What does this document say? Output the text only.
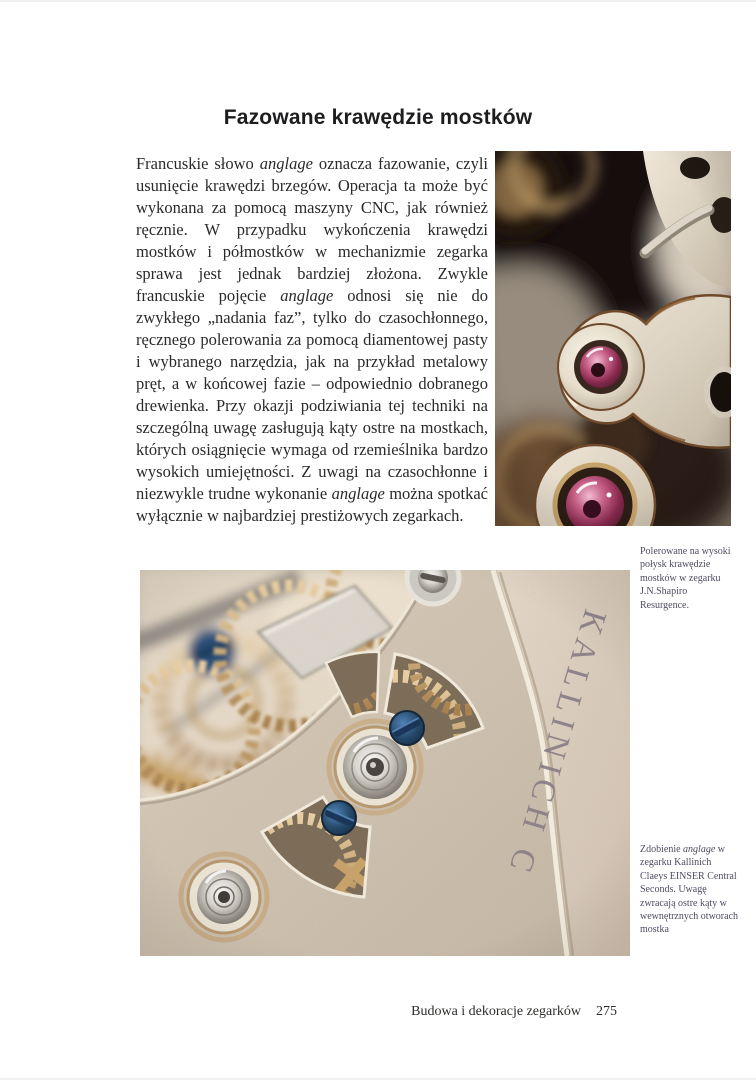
Fazowane krawędzie mostków

Francuskie słowo anglage oznacza fazowanie, czyli usunięcie krawędzi brzegów. Operacja ta może być wykonana za pomocą maszyny CNC, jak również ręcznie. W przypadku wykończenia krawędzi mostków i półmostków w mechanizmie zegarka sprawa jest jednak bardziej złożona. Zwykle francuskie pojęcie anglage odnosi się nie do zwykłego „nadania faz”, tylko do czasochłonnego, ręcznego polerowania za pomocą diamentowej pasty i wybranego narzędzia, jak na przykład metalowy pręt, a w końcowej fazie – odpowiednio dobranego drewienka. Przy okazji podziwiania tej techniki na szczególną uwagę zasługują kąty ostre na mostkach, których osiągnięcie wymaga od rzemieślnika bardzo wysokich umiejętności. Z uwagi na czasochłonne i niezwykle trudne wykonanie anglage można spotkać wyłącznie w najbardziej prestiżowych zegarkach.

Polerowane na wysoki połysk krawędzie mostków w zegarku J.N.Shapiro Resurgence.
Zdobienie anglage w zegarku Kallinich Claeys EINSER Central Seconds. Uwagę zwracają ostre kąty w wewnętrznych otworach mostka
Budowa i dekoracje zegarków 275
